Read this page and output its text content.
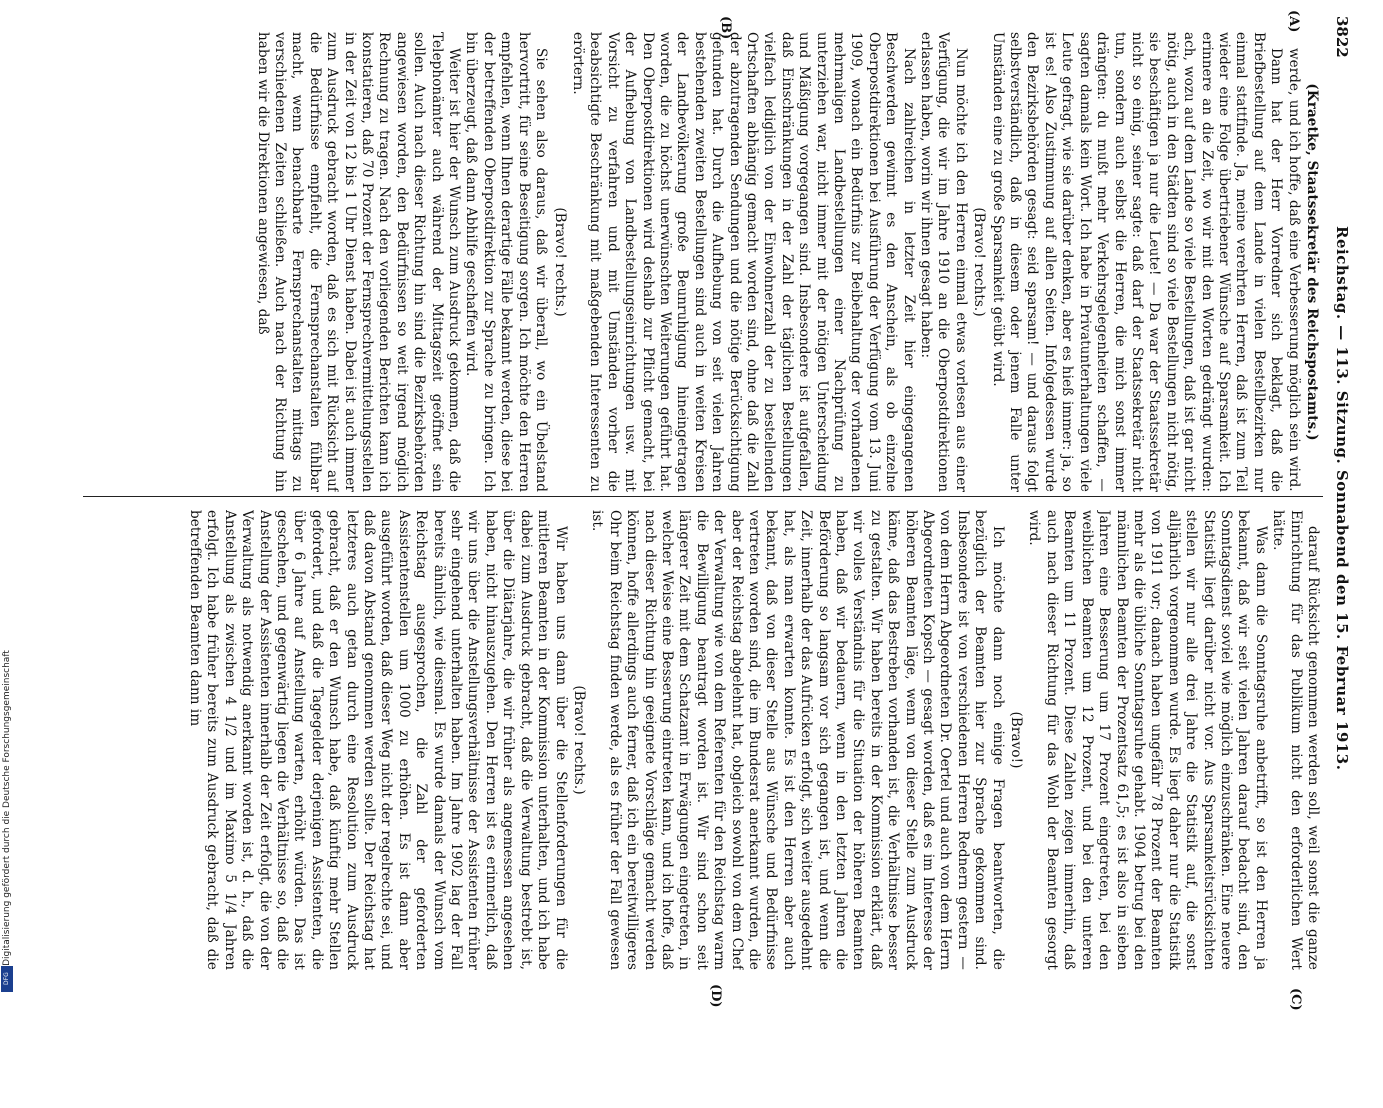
Digitalisierung gefördert durch die Deutsche Forschungsgemeinschaft
DFG
3822
Reichstag. — 113. Sitzung. Sonnabend den 15. Februar 1913.
(A)
(B)
(C)
(D)

(Kraetke, Staatssekretär des Reichspostamts.)

werde, und ich hoffe, daß eine Verbesserung möglich sein wird.

Dann hat der Herr Vorredner sich beklagt, daß die Briefbestellung auf dem Lande in vielen Bestellbezirken nur einmal stattfinde. Ja, meine verehrten Herren, daß ist zum Teil wieder eine Folge übertriebener Wünsche auf Sparsamkeit. Ich erinnere an die Zeit, wo wir mit den Worten gedrängt wurden: ach, wozu auf dem Lande so viele Bestellungen, daß ist gar nicht nötig, auch in den Städten sind so viele Bestellungen nicht nötig, sie beschäftigen ja nur die Leute! — Da war der Staatssekretär nicht so einig, seiner sagte: daß darf der Staatssekretär nicht tun, sondern auch selbst die Herren, die mich sonst immer drängten: du mußt mehr Verkehrsgelegenheiten schaffen, — sagten damals kein Wort. Ich habe in Privatunterhaltungen viele Leute gefragt, wie sie darüber denken, aber es hieß immer: ja, so ist es! Also Zustimmung auf allen Seiten. Infolgedessen wurde den Bezirksbehörden gesagt: seid sparsam! — und daraus folgt selbstverständlich, daß in diesem oder jenem Falle unter Umständen eine zu große Sparsamkeit geübt wird.

(Bravo! rechts.)

Nun möchte ich den Herren einmal etwas vorlesen aus einer Verfügung, die wir im Jahre 1910 an die Oberpostdirektionen erlassen haben, worin wir ihnen gesagt haben:

Nach zahlreichen in letzter Zeit hier eingegangenen Beschwerden gewinnt es den Anschein, als ob einzelne Oberpostdirektionen bei Ausführung der Verfügung vom 13. Juni 1909, wonach ein Bedürfnis zur Beibehaltung der vorhandenen mehrmaligen Landbestellungen einer Nachprüfung zu unterziehen war, nicht immer mit der nötigen Unterscheidung und Mäßigung vorgegangen sind. Insbesondere ist aufgefallen, daß Einschränkungen in der Zahl der täglichen Bestellungen vielfach lediglich von der Einwohnerzahl der zu bestellenden Ortschaften abhängig gemacht worden sind, ohne daß die Zahl der abzutragenden Sendungen und die nötige Berücksichtigung gefunden hat. Durch die Aufhebung von seit vielen Jahren bestehenden zweiten Bestellungen sind auch in weiten Kreisen der Landbevölkerung große Beunruhigung hineingetragen worden, die zu höchst unerwünschten Weiterungen geführt hat. Den Oberpostdirektionen wird deshalb zur Pflicht gemacht, bei der Aufhebung von Landbestellungseinrichtungen usw. mit Vorsicht zu verfahren und mit Umständen vorher die beabsichtigte Beschränkung mit maßgebenden Interessenten zu erörtern.

(Bravo! rechts.)

Sie sehen also daraus, daß wir überall, wo ein Übelstand hervortritt, für seine Beseitigung sorgen. Ich möchte den Herren empfehlen, wenn Ihnen derartige Fälle bekannt werden, diese bei der betreffenden Oberpostdirektion zur Sprache zu bringen. Ich bin überzeugt, daß dann Abhilfe geschaffen wird.

Weiter ist hier der Wunsch zum Ausdruck gekommen, daß die Telephonämter auch während der Mittagszeit geöffnet sein sollen. Auch nach dieser Richtung hin sind die Bezirksbehörden angewiesen worden, den Bedürfnissen so weit irgend möglich Rechnung zu tragen. Nach den vorliegenden Berichten kann ich konstatieren, daß 70 Prozent der Fernsprechvermittelungsstellen in der Zeit von 12 bis 1 Uhr Dienst haben. Dabei ist auch immer zum Ausdruck gebracht worden, daß es sich mit Rücksicht auf die Bedürfnisse empfiehlt, die Fernsprechanstalten fühlbar macht, wenn benachbarte Fernsprechanstalten mittags zu verschiedenen Zeiten schließen. Auch nach der Richtung hin haben wir die Direktionen angewiesen, daß

darauf Rücksicht genommen werden soll, weil sonst die ganze Einrichtung für das Publikum nicht den erforderlichen Wert hätte.

Was dann die Sonntagsruhe anbetrifft, so ist den Herren ja bekannt, daß wir seit vielen Jahren darauf bedacht sind, den Sonntagsdienst soviel wie möglich einzuschränken. Eine neuere Statistik liegt darüber nicht vor. Aus Sparsamkeitsrücksichten stellen wir nur alle drei Jahre die Statistik auf, die sonst alljährlich vorgenommen wurde. Es liegt daher nur die Statistik von 1911 vor; danach haben ungefähr 78 Prozent der Beamten mehr als die übliche Sonntagsruhe gehabt. 1904 betrug bei den männlichen Beamten der Prozentsatz 61,5; es ist also in sieben Jahren eine Besserung um 17 Prozent eingetreten, bei den weiblichen Beamten um 12 Prozent, und bei den unteren Beamten um 11 Prozent. Diese Zahlen zeigen immerhin, daß auch nach dieser Richtung für das Wohl der Beamten gesorgt wird.

(Bravo!)

Ich möchte dann noch einige Fragen beantworten, die bezüglich der Beamten hier zur Sprache gekommen sind. Insbesondere ist von verschiedenen Herren Rednern gestern — von dem Herrn Abgeordneten Dr. Oertel und auch von dem Herrn Abgeordneten Kopsch — gesagt worden, daß es im Interesse der höheren Beamten läge, wenn von dieser Stelle zum Ausdruck käme, daß das Bestreben vorhanden ist, die Verhältnisse besser zu gestalten. Wir haben bereits in der Kommission erklärt, daß wir volles Verständnis für die Situation der höheren Beamten haben, daß wir bedauern, wenn in den letzten Jahren die Beförderung so langsam vor sich gegangen ist, und wenn die Zeit, innerhalb der das Aufrücken erfolgt, sich weiter ausgedehnt hat, als man erwarten konnte. Es ist den Herren aber auch bekannt, daß von dieser Stelle aus Wünsche und Bedürfnisse vertreten worden sind, die im Bundesrat anerkannt wurden, die aber der Reichstag abgelehnt hat, obgleich sowohl von dem Chef der Verwaltung wie von dem Referenten für den Reichstag warm die Bewilligung beantragt worden ist. Wir sind schon seit längerer Zeit mit dem Schatzamt in Erwägungen eingetreten, in welcher Weise eine Besserung eintreten kann, und ich hoffe, daß nach dieser Richtung hin geeignete Vorschläge gemacht werden können, hoffe allerdings auch ferner, daß ich ein bereitwilligeres Ohr beim Reichstag finden werde, als es früher der Fall gewesen ist.

(Bravo! rechts.)

Wir haben uns dann über die Stellenforderungen für die mittleren Beamten in der Kommission unterhalten, und ich habe dabei zum Ausdruck gebracht, daß die Verwaltung bestrebt ist, über die Diätarjahre, die wir früher als angemessen angesehen haben, nicht hinauszugehen. Den Herren ist es erinnerlich, daß wir uns über die Anstellungsverhältnisse der Assistenten früher sehr eingehend unterhalten haben. Im Jahre 1902 lag der Fall bereits ähnlich, wie diesmal. Es wurde damals der Wunsch vom Reichstag ausgesprochen, die Zahl der geforderten Assistentenstellen um 1000 zu erhöhen. Es ist dann aber ausgeführt worden, daß dieser Weg nicht der regelrechte sei, und daß davon Abstand genommen werden sollte. Der Reichstag hat letzteres auch getan durch eine Resolution zum Ausdruck gebracht, daß er den Wunsch habe, daß künftig mehr Stellen gefordert, und daß die Tagegelder derjenigen Assistenten, die über 6 Jahre auf Anstellung warten, erhöht würden. Das ist geschehen, und gegenwärtig liegen die Verhältnisse so, daß die Anstellung der Assistenten innerhalb der Zeit erfolgt, die von der Verwaltung als notwendig anerkannt worden ist, d. h., daß die Anstellung als zwischen 4 1/2 und im Maximo 5 1/4 Jahren erfolgt. Ich habe früher bereits zum Ausdruck gebracht, daß die betreffenden Beamten dann im
